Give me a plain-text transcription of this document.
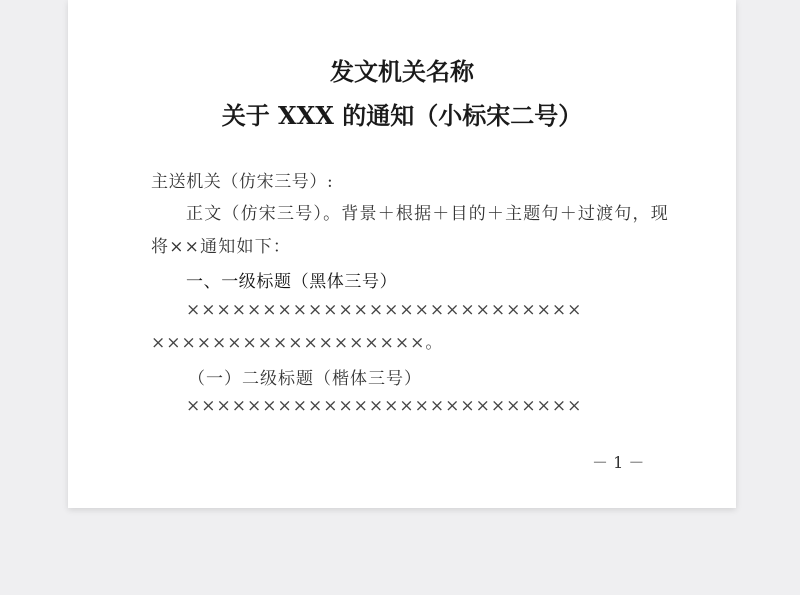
发文机关名称
关于 XXX 的通知（小标宋二号）
主送机关（仿宋三号）:
正文（仿宋三号）。背景＋根据＋目的＋主题句＋过渡句，现
将××通知如下：
一、一级标题（黑体三号）
××××××××××××××××××××××××××
××××××××××××××××××。
（一）二级标题（楷体三号）
××××××××××××××××××××××××××
－ 1 －
